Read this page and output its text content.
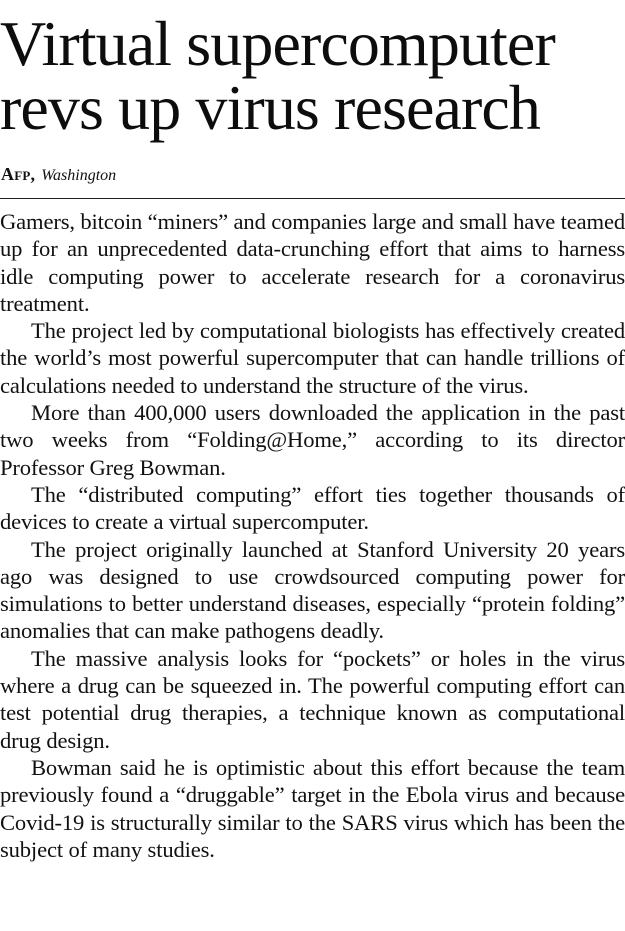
Virtual supercomputer
revs up virus research
Afp, Washington

Gamers, bitcoin “miners” and companies large and small have teamed up for an unprecedented data-crunching effort that aims to harness idle computing power to accelerate research for a coronavirus treatment.

The project led by computational biologists has effectively created the world’s most powerful supercomputer that can handle trillions of calculations needed to understand the structure of the virus.

More than 400,000 users downloaded the application in the past two weeks from “Folding@Home,” according to its director Professor Greg Bowman.

The “distributed computing” effort ties together thousands of devices to create a virtual supercomputer.

The project originally launched at Stanford University 20 years ago was designed to use crowdsourced computing power for simulations to better understand diseases, especially “protein folding” anomalies that can make pathogens deadly.

The massive analysis looks for “pockets” or holes in the virus where a drug can be squeezed in. The powerful computing effort can test potential drug therapies, a technique known as computational drug design.

Bowman said he is optimistic about this effort because the team previously found a “druggable” target in the Ebola virus and because Covid-19 is structurally similar to the SARS virus which has been the subject of many studies.
